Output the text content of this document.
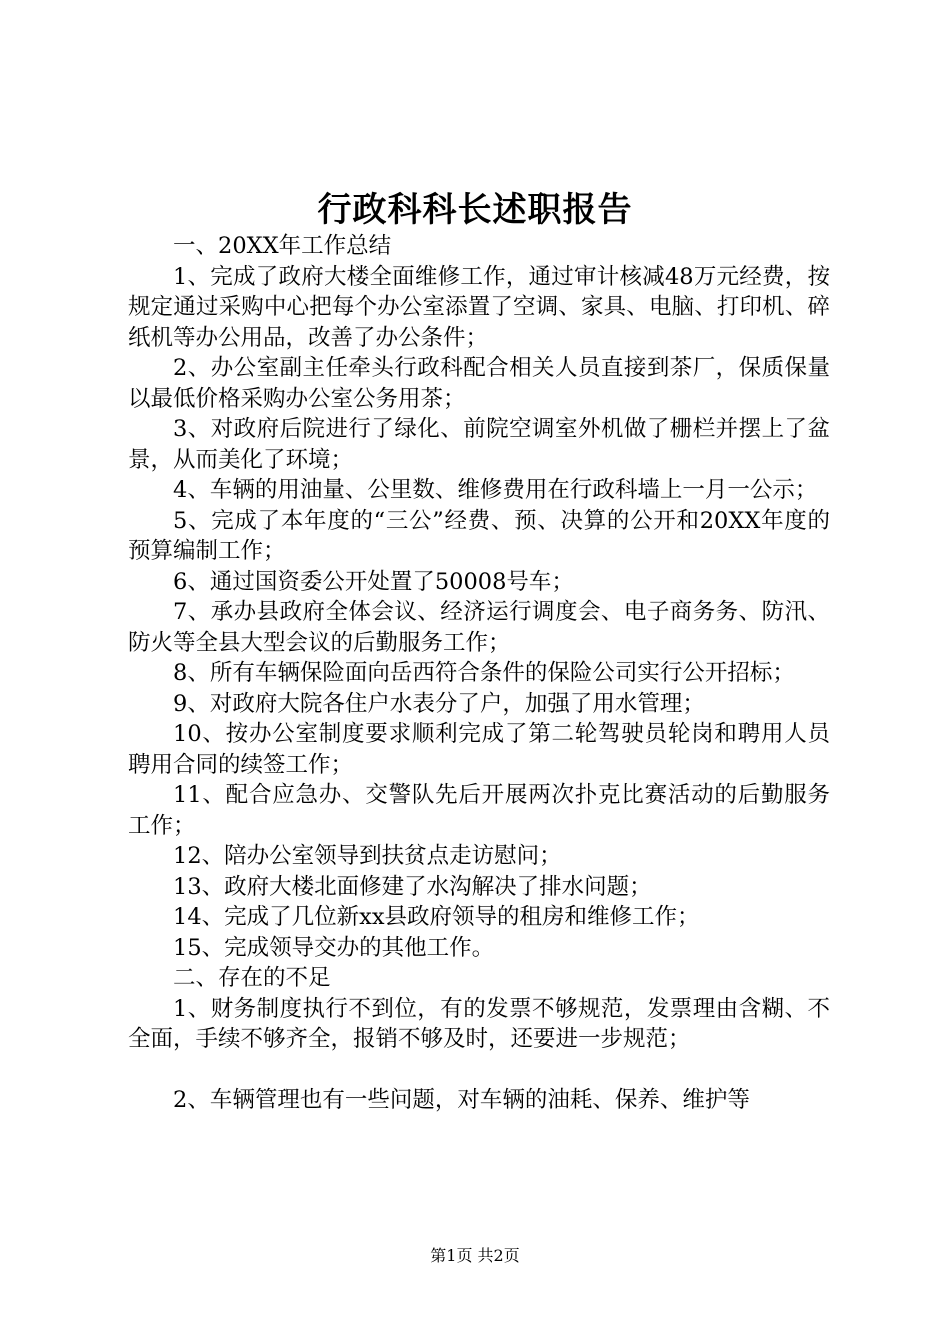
行政科科长述职报告

一、20XX年工作总结

1、完成了政府大楼全面维修工作，通过审计核减48万元经费，按规定通过采购中心把每个办公室添置了空调、家具、电脑、打印机、碎纸机等办公用品，改善了办公条件；

2、办公室副主任牵头行政科配合相关人员直接到茶厂，保质保量以最低价格采购办公室公务用茶；

3、对政府后院进行了绿化、前院空调室外机做了栅栏并摆上了盆景，从而美化了环境；

4、车辆的用油量、公里数、维修费用在行政科墙上一月一公示；

5、完成了本年度的“三公”经费、预、决算的公开和20XX年度的预算编制工作；

6、通过国资委公开处置了50008号车；

7、承办县政府全体会议、经济运行调度会、电子商务务、防汛、防火等全县大型会议的后勤服务工作；

8、所有车辆保险面向岳西符合条件的保险公司实行公开招标；

9、对政府大院各住户水表分了户，加强了用水管理；

10、按办公室制度要求顺利完成了第二轮驾驶员轮岗和聘用人员聘用合同的续签工作；

11、配合应急办、交警队先后开展两次扑克比赛活动的后勤服务工作；

12、陪办公室领导到扶贫点走访慰问；

13、政府大楼北面修建了水沟解决了排水问题；

14、完成了几位新xx县政府领导的租房和维修工作；

15、完成领导交办的其他工作。

二、存在的不足

1、财务制度执行不到位，有的发票不够规范，发票理由含糊、不全面，手续不够齐全，报销不够及时，还要进一步规范；

2、车辆管理也有一些问题，对车辆的油耗、保养、维护等

第1页 共2页
